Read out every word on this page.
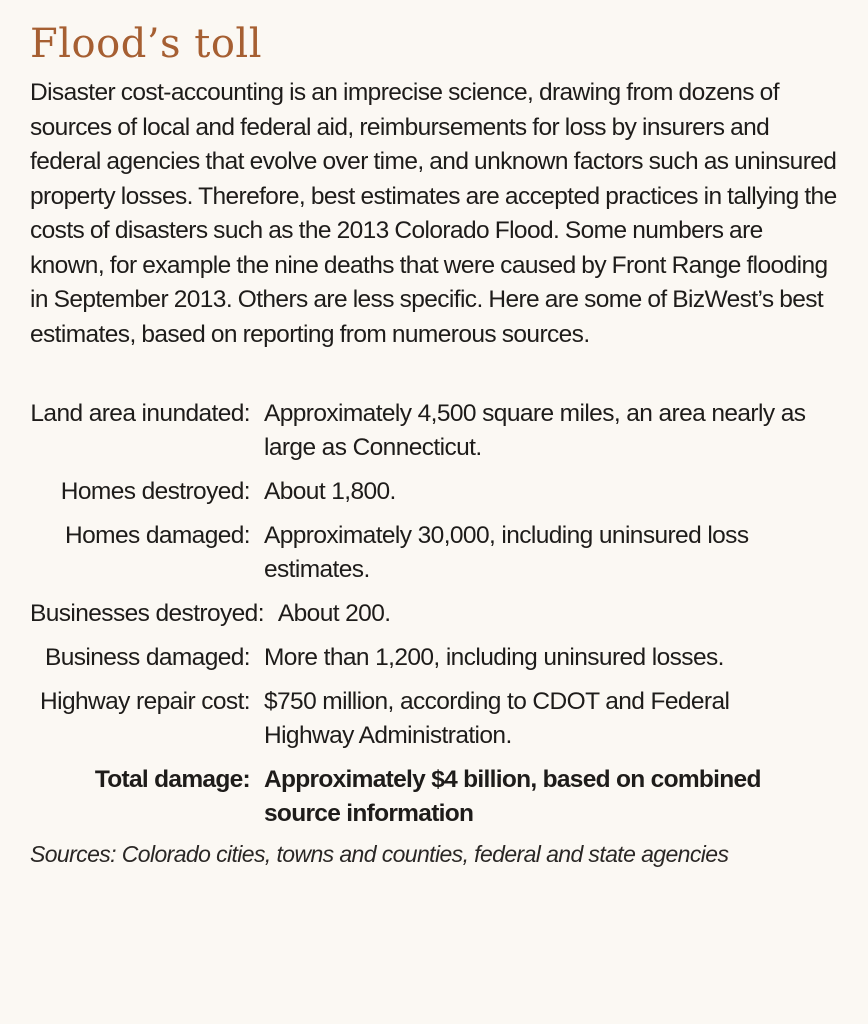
Flood’s toll

Disaster cost-accounting is an imprecise science, drawing from dozens of sources of local and federal aid, reimbursements for loss by insurers and federal agencies that evolve over time, and unknown factors such as uninsured property losses. Therefore, best estimates are accepted practices in tallying the costs of disasters such as the 2013 Colorado Flood. Some numbers are known, for example the nine deaths that were caused by Front Range flooding in September 2013. Others are less specific. Here are some of BizWest’s best estimates, based on reporting from numerous sources.

Land area inundated: Approximately 4,500 square miles, an area nearly as large as Connecticut.
Homes destroyed: About 1,800.
Homes damaged: Approximately 30,000, including uninsured loss estimates.
Businesses destroyed: About 200.
Business damaged: More than 1,200, including uninsured losses.
Highway repair cost: $750 million, according to CDOT and Federal Highway Administration.
Total damage: Approximately $4 billion, based on combined source information
Sources: Colorado cities, towns and counties, federal and state agencies
